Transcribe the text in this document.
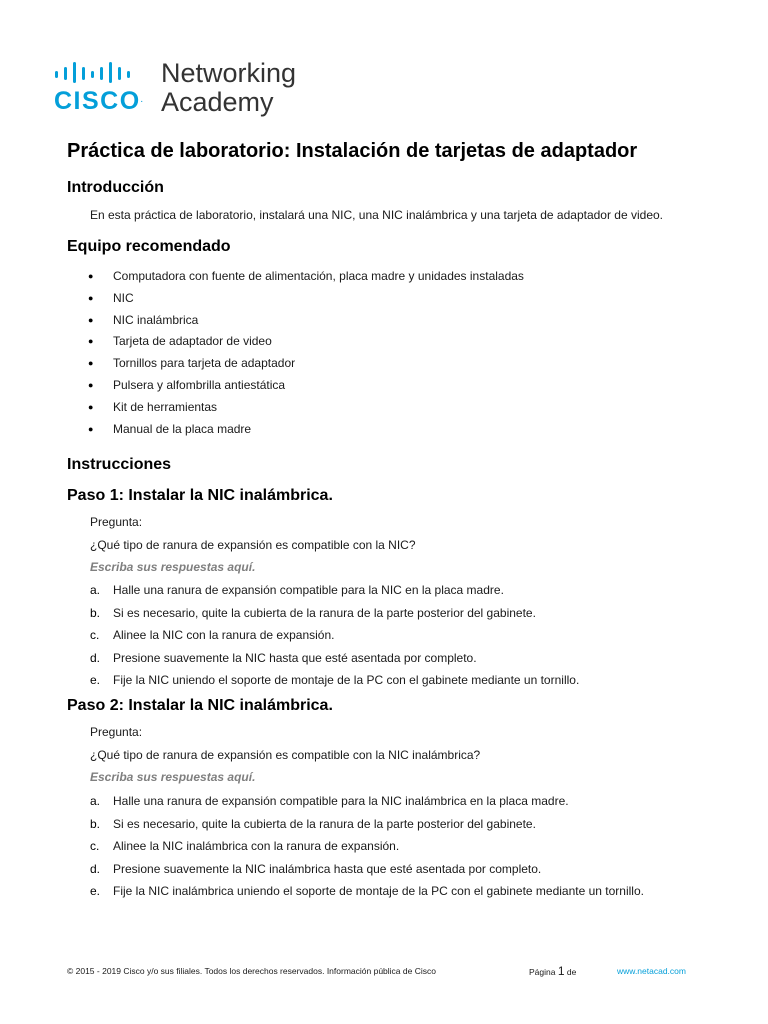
CISCO.
Networking
Academy
Práctica de laboratorio: Instalación de tarjetas de adaptador
Introducción
En esta práctica de laboratorio, instalará una NIC, una NIC inalámbrica y una tarjeta de adaptador de video.
Equipo recomendado
● Computadora con fuente de alimentación, placa madre y unidades instaladas
● NIC
● NIC inalámbrica
● Tarjeta de adaptador de video
● Tornillos para tarjeta de adaptador
● Pulsera y alfombrilla antiestática
● Kit de herramientas
● Manual de la placa madre
Instrucciones
Paso 1: Instalar la NIC inalámbrica.
Pregunta:
¿Qué tipo de ranura de expansión es compatible con la NIC?
Escriba sus respuestas aquí.
a. Halle una ranura de expansión compatible para la NIC en la placa madre.
b. Si es necesario, quite la cubierta de la ranura de la parte posterior del gabinete.
c. Alinee la NIC con la ranura de expansión.
d. Presione suavemente la NIC hasta que esté asentada por completo.
e. Fije la NIC uniendo el soporte de montaje de la PC con el gabinete mediante un tornillo.
Paso 2: Instalar la NIC inalámbrica.
Pregunta:
¿Qué tipo de ranura de expansión es compatible con la NIC inalámbrica?
Escriba sus respuestas aquí.
a. Halle una ranura de expansión compatible para la NIC inalámbrica en la placa madre.
b. Si es necesario, quite la cubierta de la ranura de la parte posterior del gabinete.
c. Alinee la NIC inalámbrica con la ranura de expansión.
d. Presione suavemente la NIC inalámbrica hasta que esté asentada por completo.
e. Fije la NIC inalámbrica uniendo el soporte de montaje de la PC con el gabinete mediante un tornillo.
© 2015 - 2019 Cisco y/o sus filiales. Todos los derechos reservados. Información pública de Cisco	Página 1 de	www.netacad.com
